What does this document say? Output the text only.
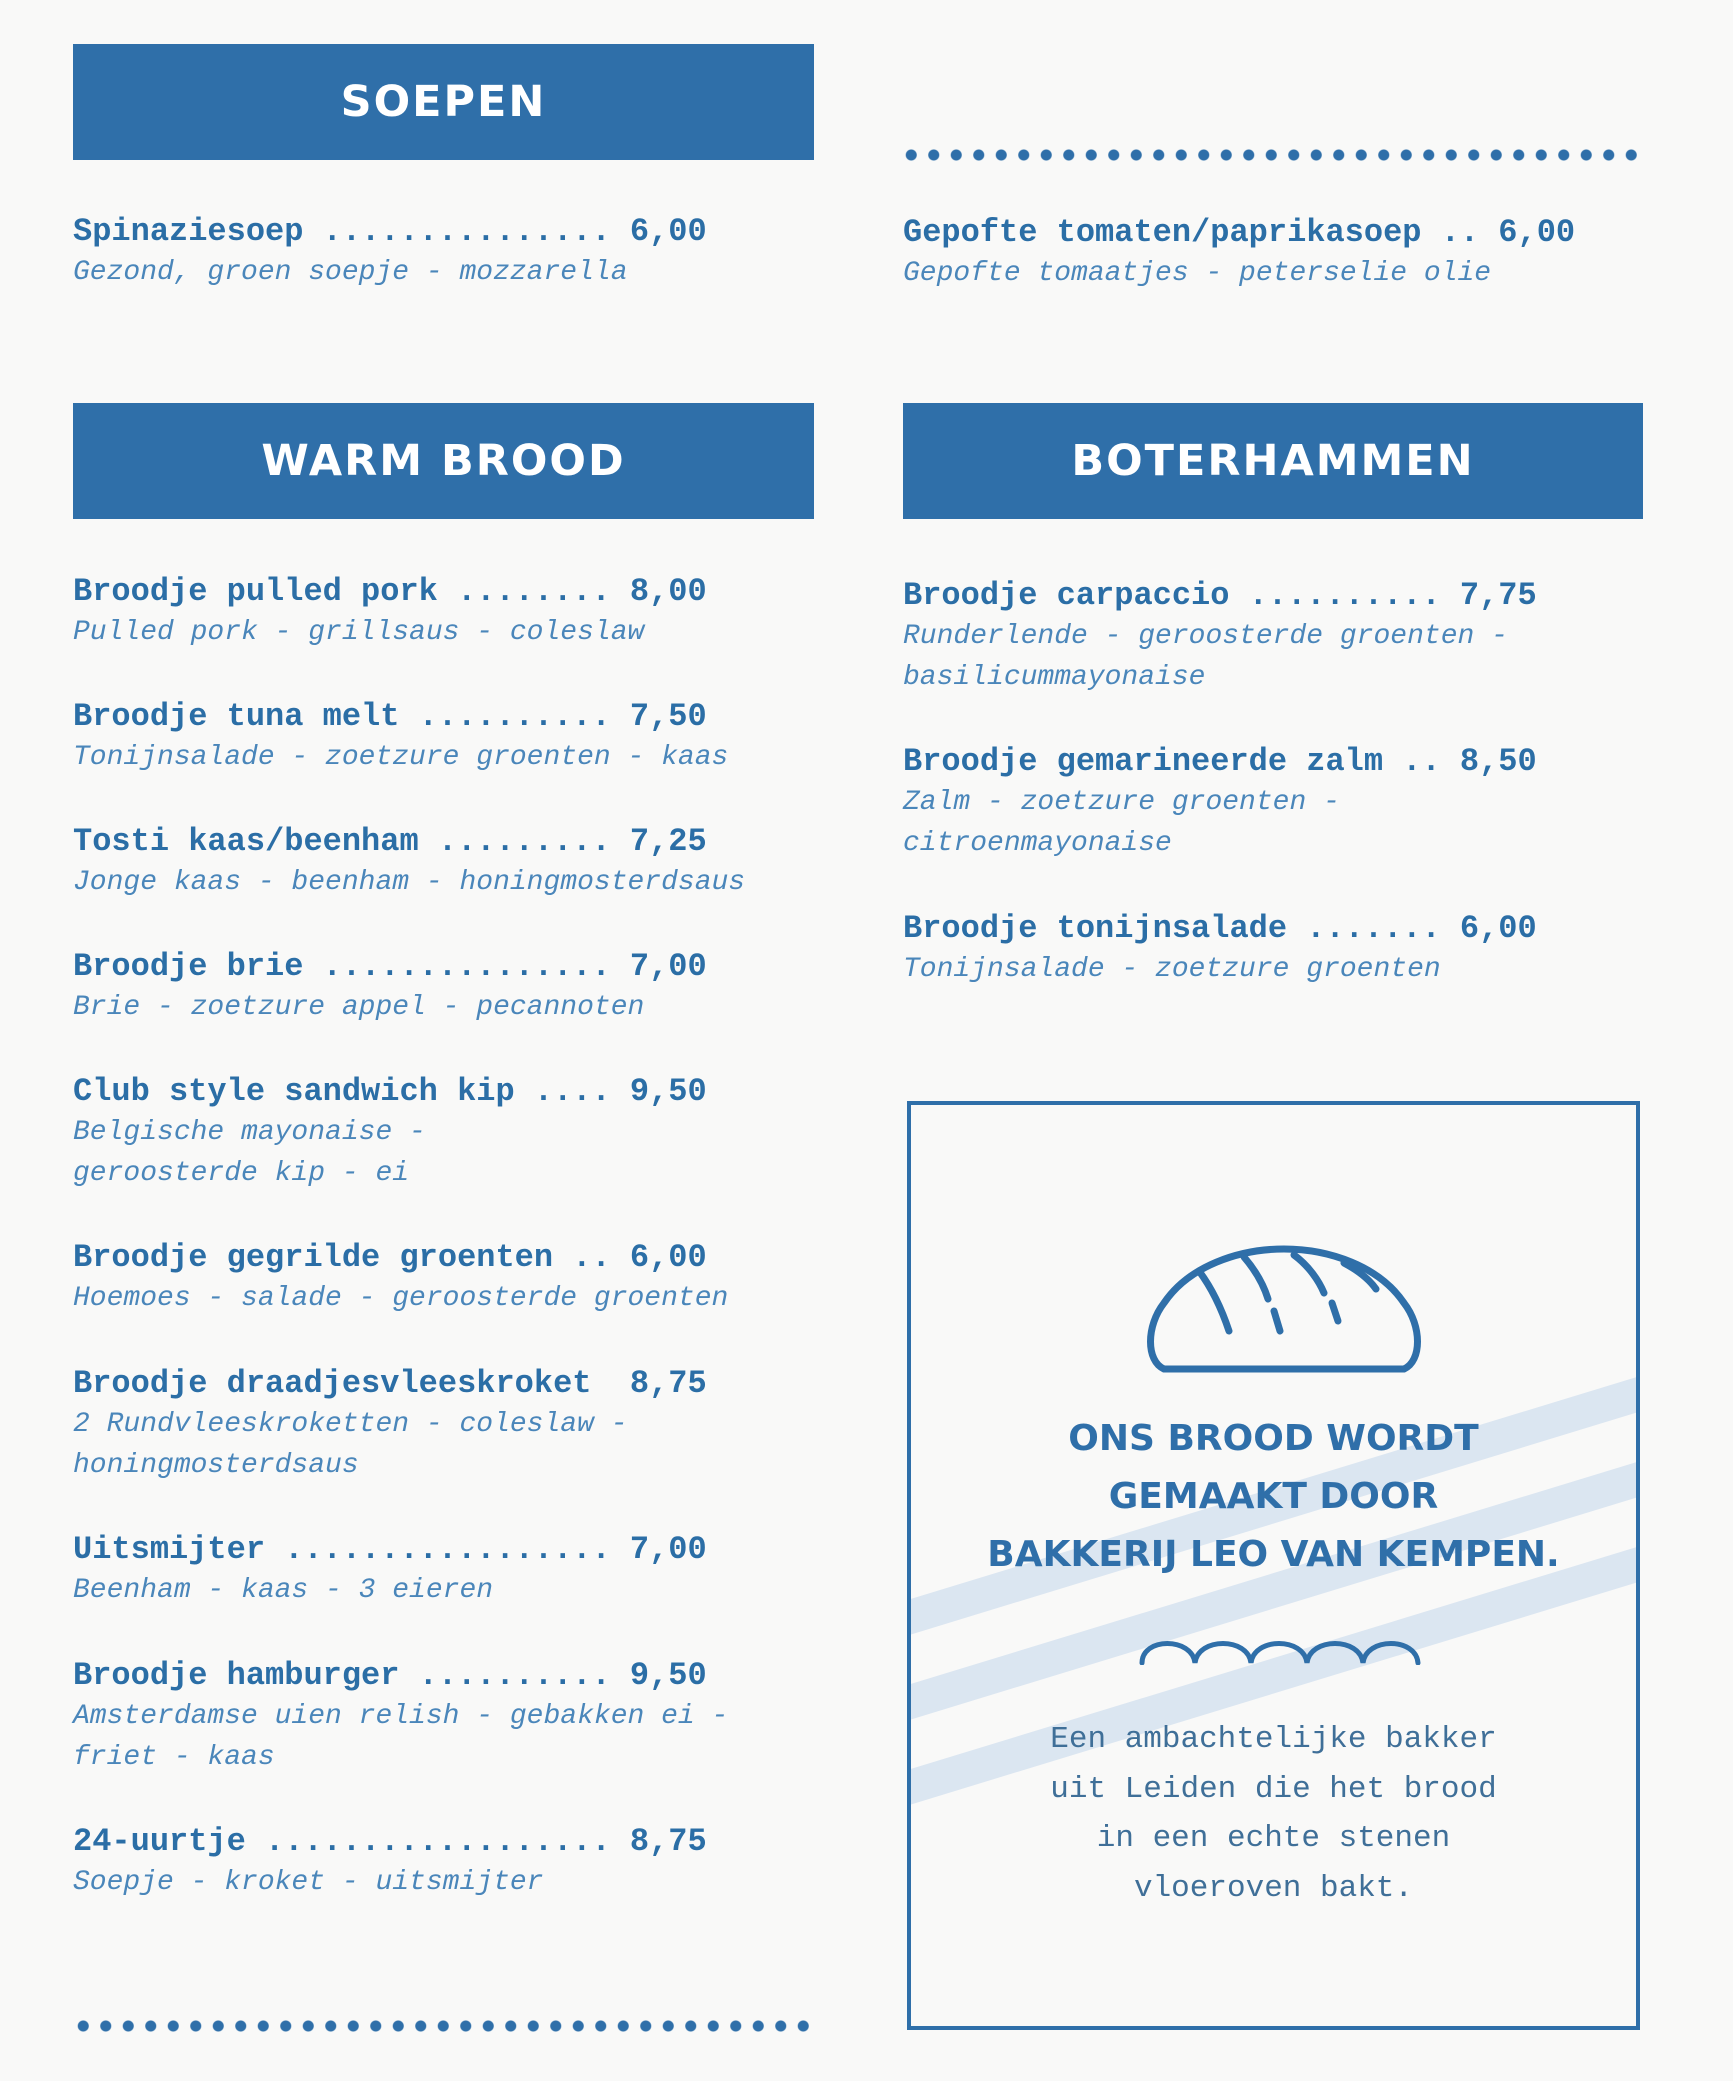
SOEPEN
Spinaziesoep ............... 6,00
Gezond, groen soepje - mozzarella
Gepofte tomaten/paprikasoep .. 6,00
Gepofte tomaatjes - peterselie olie
WARM BROOD
Broodje pulled pork ........ 8,00
Pulled pork - grillsaus - coleslaw
Broodje tuna melt .......... 7,50
Tonijnsalade - zoetzure groenten - kaas
Tosti kaas/beenham ......... 7,25
Jonge kaas - beenham - honingmosterdsaus
Broodje brie ............... 7,00
Brie - zoetzure appel - pecannoten
Club style sandwich kip .... 9,50
Belgische mayonaise -
geroosterde kip - ei
Broodje gegrilde groenten .. 6,00
Hoemoes - salade - geroosterde groenten
Broodje draadjesvleeskroket  8,75
2 Rundvleeskroketten - coleslaw -
honingmosterdsaus
Uitsmijter ................. 7,00
Beenham - kaas - 3 eieren
Broodje hamburger .......... 9,50
Amsterdamse uien relish - gebakken ei -
friet - kaas
24-uurtje .................. 8,75
Soepje - kroket - uitsmijter
BOTERHAMMEN
Broodje carpaccio .......... 7,75
Runderlende - geroosterde groenten -
basilicummayonaise
Broodje gemarineerde zalm .. 8,50
Zalm - zoetzure groenten -
citroenmayonaise
Broodje tonijnsalade ....... 6,00
Tonijnsalade - zoetzure groenten
ONS BROOD WORDT
GEMAAKT DOOR
BAKKERIJ LEO VAN KEMPEN.
Een ambachtelijke bakker
uit Leiden die het brood
in een echte stenen
vloeroven bakt.
